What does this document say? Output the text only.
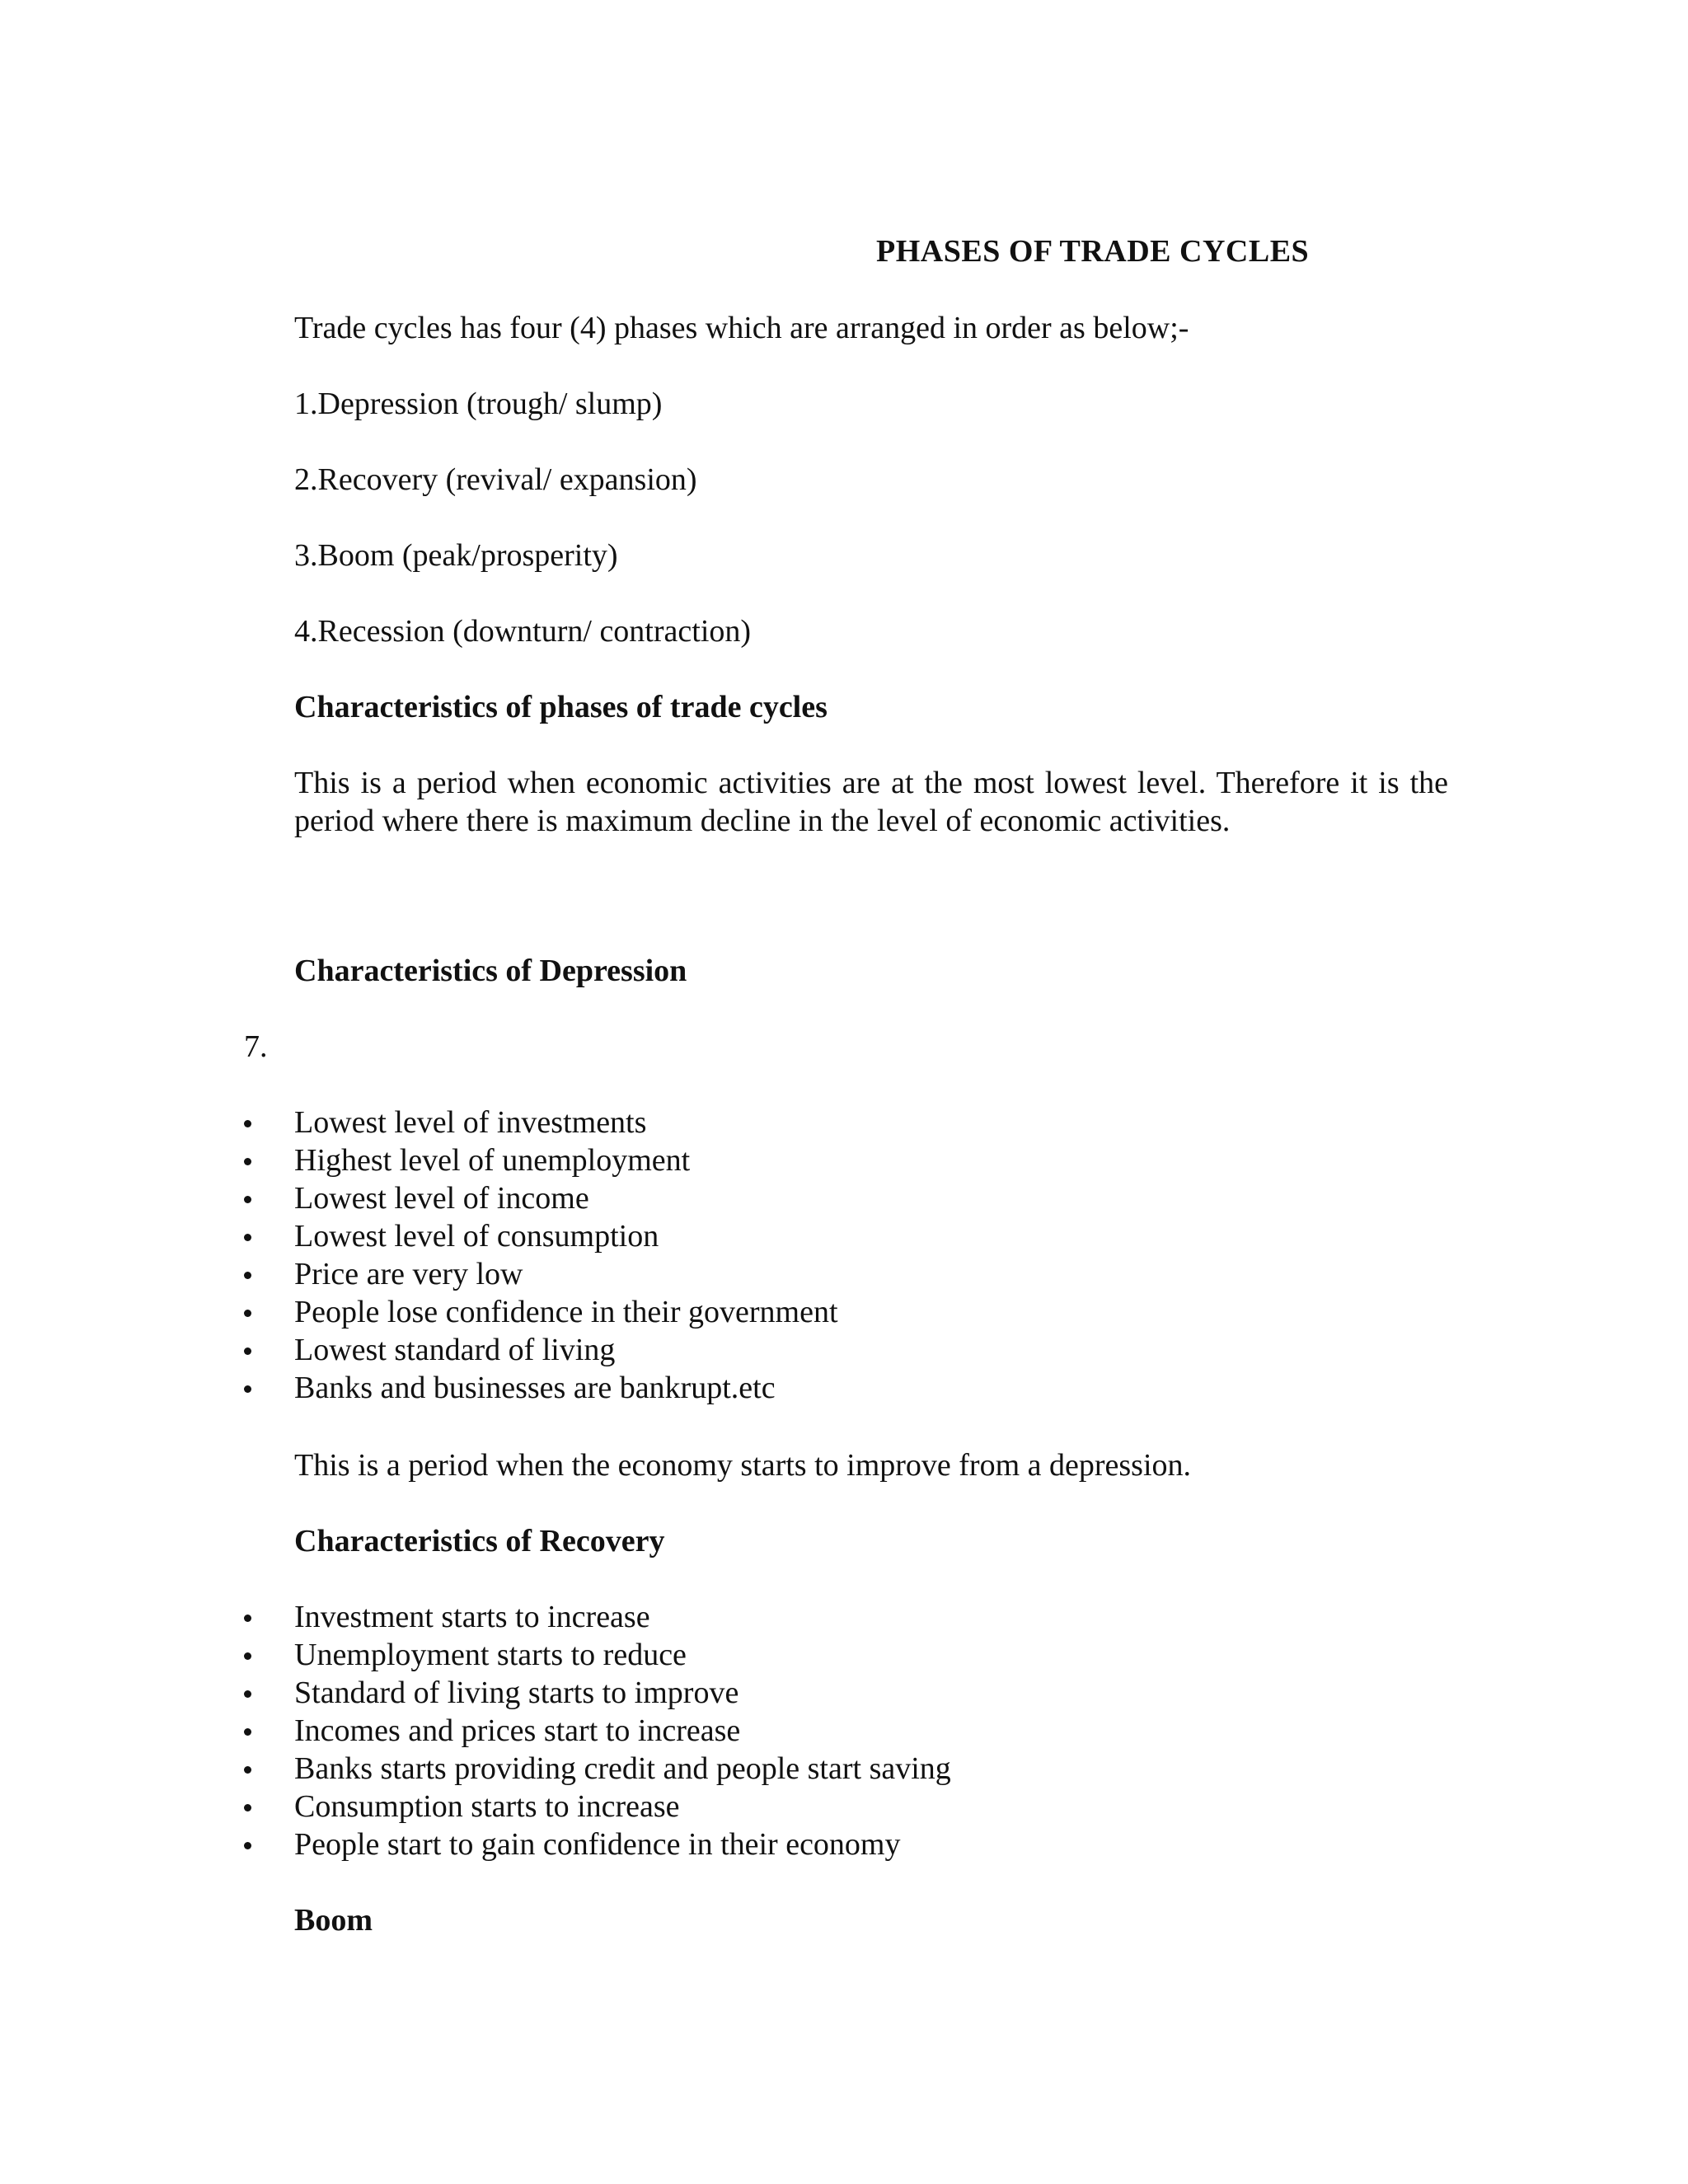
PHASES OF TRADE CYCLES
Trade cycles has four (4) phases which are arranged in order as below;-
1.Depression (trough/ slump)
2.Recovery (revival/ expansion)
3.Boom (peak/prosperity)
4.Recession (downturn/ contraction)
Characteristics of phases of trade cycles
This is a period when economic activities are at the most lowest level. Therefore it is the period where there is maximum decline in the level of economic activities.
Characteristics of Depression
7.
Lowest level of investments
Highest level of unemployment
Lowest level of income
Lowest level of consumption
Price are very low
People lose confidence in their government
Lowest standard of living
Banks and businesses are bankrupt.etc
This is a period when the economy starts to improve from a depression.
Characteristics of Recovery
Investment starts to increase
Unemployment starts to reduce
Standard of living starts to improve
Incomes and prices start to increase
Banks starts providing credit and people start saving
Consumption starts to increase
People start to gain confidence in their economy
Boom
